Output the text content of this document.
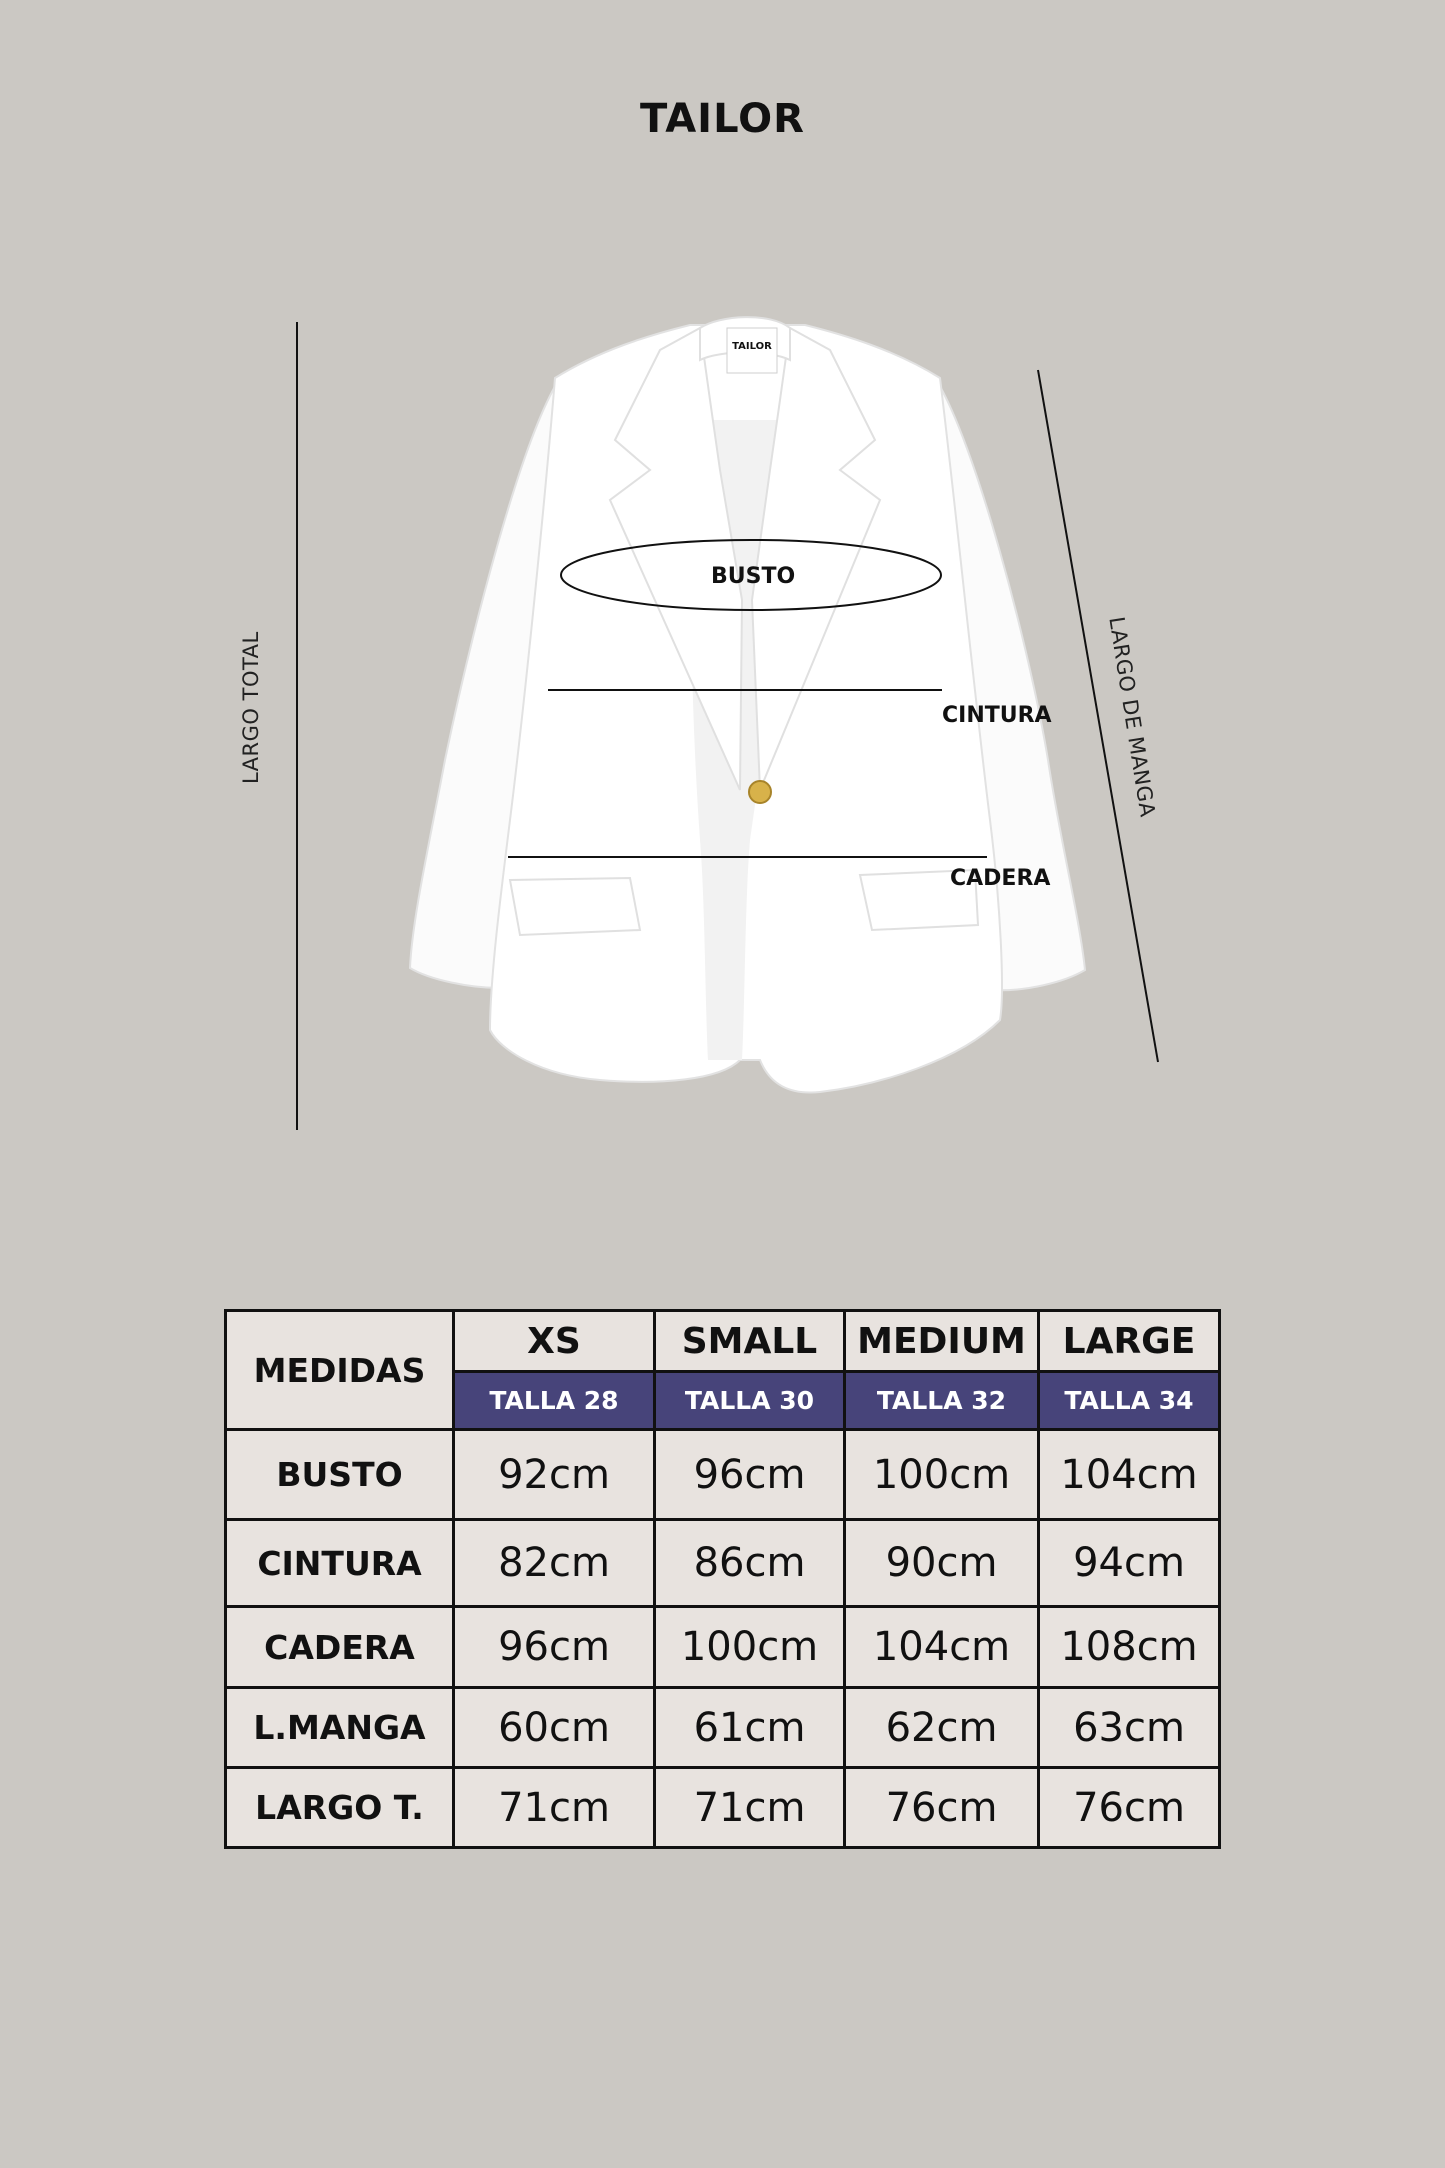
TAILOR
TAILOR
BUSTO
CINTURA
CADERA
LARGO TOTAL	LARGO DE MANGA
MEDIDAS	XS	SMALL	MEDIUM	LARGE
	TALLA 28	TALLA 30	TALLA 32	TALLA 34
BUSTO	92cm	96cm	100cm	104cm
CINTURA	82cm	86cm	90cm	94cm
CADERA	96cm	100cm	104cm	108cm
L.MANGA	60cm	61cm	62cm	63cm
LARGO T.	71cm	71cm	76cm	76cm
